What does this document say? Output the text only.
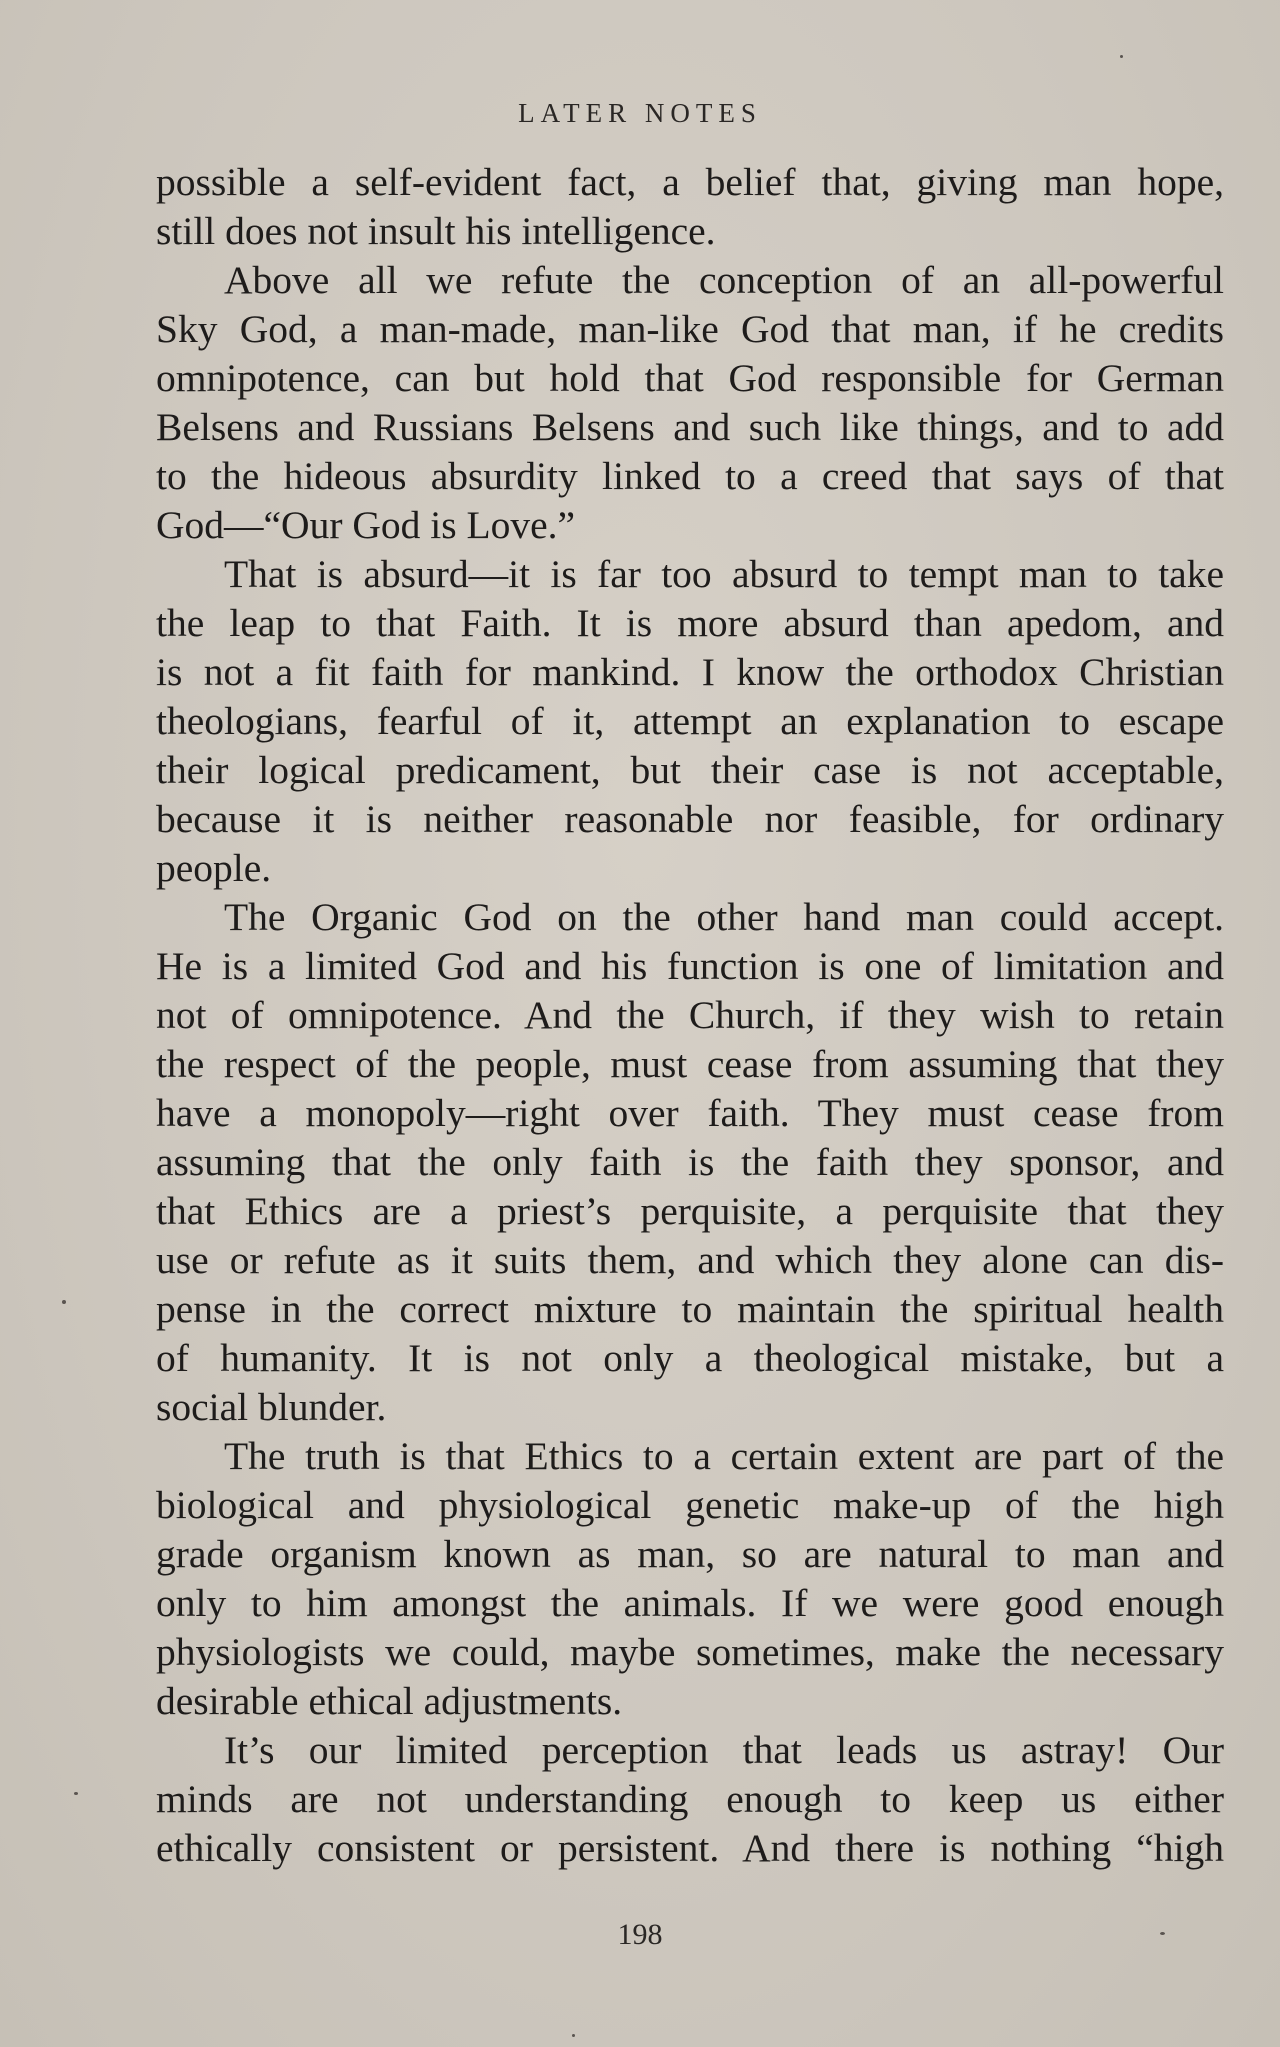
LATER NOTES
possible a self-evident fact, a belief that, giving man hope,
still does not insult his intelligence.
Above all we refute the conception of an all-powerful
Sky God, a man-made, man-like God that man, if he credits
omnipotence, can but hold that God responsible for German
Belsens and Russians Belsens and such like things, and to add
to the hideous absurdity linked to a creed that says of that
God—“Our God is Love.”
That is absurd—it is far too absurd to tempt man to take
the leap to that Faith. It is more absurd than apedom, and
is not a fit faith for mankind. I know the orthodox Christian
theologians, fearful of it, attempt an explanation to escape
their logical predicament, but their case is not acceptable,
because it is neither reasonable nor feasible, for ordinary
people.
The Organic God on the other hand man could accept.
He is a limited God and his function is one of limitation and
not of omnipotence. And the Church, if they wish to retain
the respect of the people, must cease from assuming that they
have a monopoly—right over faith. They must cease from
assuming that the only faith is the faith they sponsor, and
that Ethics are a priest’s perquisite, a perquisite that they
use or refute as it suits them, and which they alone can dis-
pense in the correct mixture to maintain the spiritual health
of humanity. It is not only a theological mistake, but a
social blunder.
The truth is that Ethics to a certain extent are part of the
biological and physiological genetic make-up of the high
grade organism known as man, so are natural to man and
only to him amongst the animals. If we were good enough
physiologists we could, maybe sometimes, make the necessary
desirable ethical adjustments.
It’s our limited perception that leads us astray! Our
minds are not understanding enough to keep us either
ethically consistent or persistent. And there is nothing “high
198
